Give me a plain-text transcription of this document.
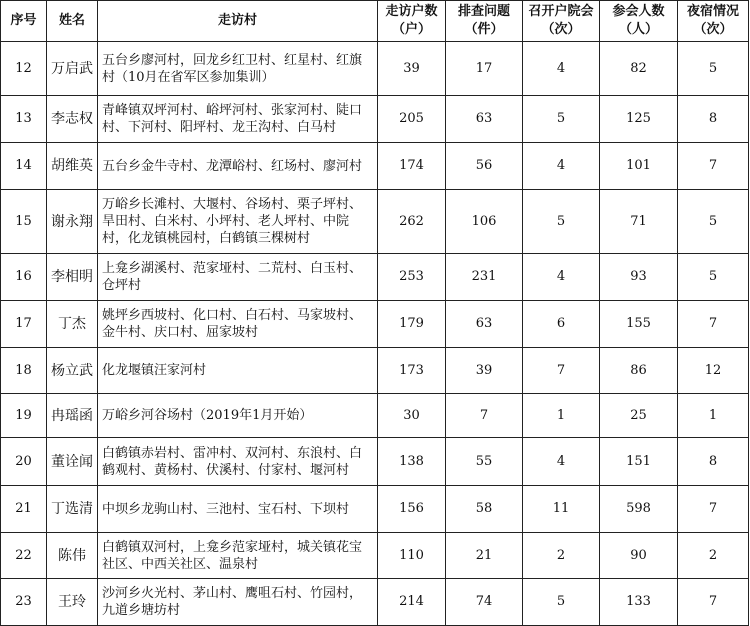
序号	姓名	走访村	走访户数（户）	排查问题（件）	召开户院会（次）	参会人数（人）	夜宿情况（次）
12	万启武	五台乡廖河村，回龙乡红卫村、红星村、红旗村（10月在省军区参加集训）	39	17	4	82	5
13	李志权	青峰镇双坪河村、峪坪河村、张家河村、陡口村、下河村、阳坪村、龙王沟村、白马村	205	63	5	125	8
14	胡维英	五台乡金牛寺村、龙潭峪村、红场村、廖河村	174	56	4	101	7
15	谢永翔	万峪乡长滩村、大堰村、谷场村、栗子坪村、旱田村、白米村、小坪村、老人坪村、中院村，化龙镇桃园村，白鹤镇三棵树村	262	106	5	71	5
16	李相明	上龛乡湖溪村、范家垭村、二荒村、白玉村、仓坪村	253	231	4	93	5
17	丁杰	姚坪乡西坡村、化口村、白石村、马家坡村、金牛村、庆口村、屈家坡村	179	63	6	155	7
18	杨立武	化龙堰镇汪家河村	173	39	7	86	12
19	冉瑶函	万峪乡河谷场村（2019年1月开始）	30	7	1	25	1
20	董诠闻	白鹤镇赤岩村、雷冲村、双河村、东浪村、白鹤观村、黄杨村、伏溪村、付家村、堰河村	138	55	4	151	8
21	丁选清	中坝乡龙驹山村、三池村、宝石村、下坝村	156	58	11	598	7
22	陈伟	白鹤镇双河村，上龛乡范家垭村，城关镇花宝社区、中西关社区、温泉村	110	21	2	90	2
23	王玲	沙河乡火光村、茅山村、鹰咀石村、竹园村，九道乡塘坊村	214	74	5	133	7
